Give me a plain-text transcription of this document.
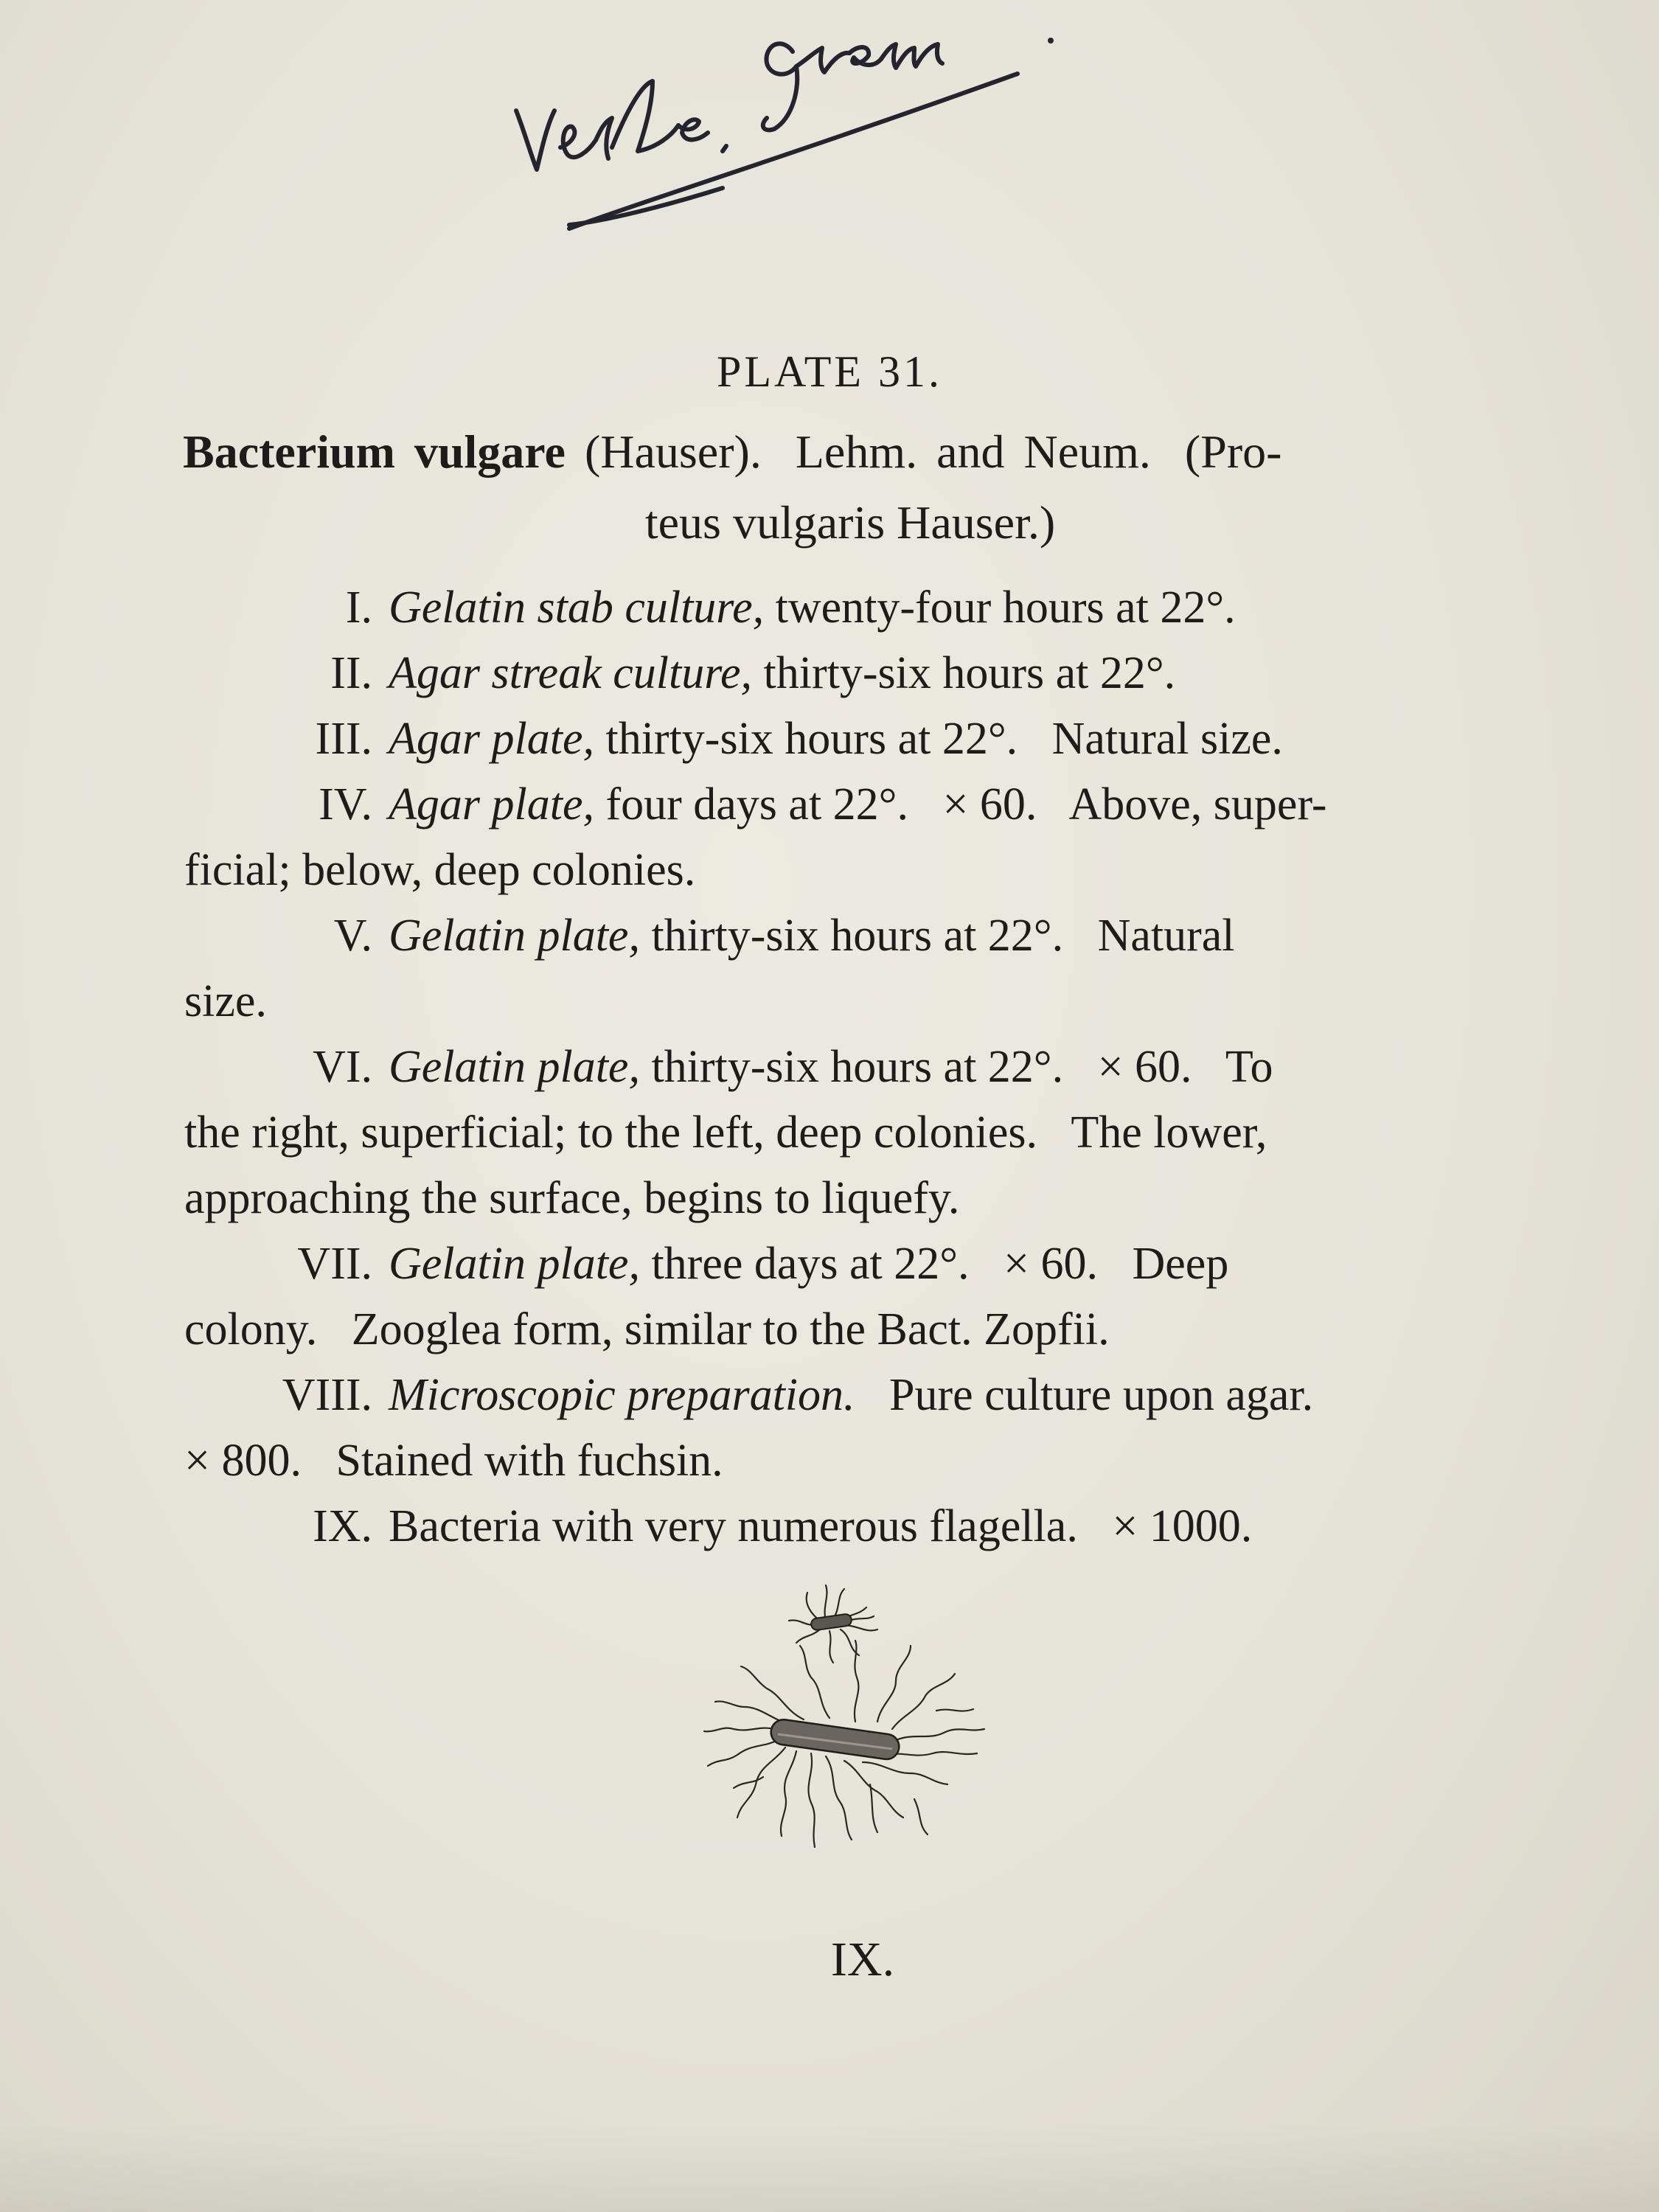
PLATE 31.
Bacterium vulgare (Hauser). Lehm. and Neum. (Pro-
teus vulgaris Hauser.)
I. Gelatin stab culture, twenty-four hours at 22°.
II. Agar streak culture, thirty-six hours at 22°.
III. Agar plate, thirty-six hours at 22°.   Natural size.
IV. Agar plate, four days at 22°.   × 60.   Above, super-
ficial; below, deep colonies.
V. Gelatin plate, thirty-six hours at 22°.   Natural
size.
VI. Gelatin plate, thirty-six hours at 22°.   × 60.   To
the right, superficial; to the left, deep colonies.   The lower,
approaching the surface, begins to liquefy.
VII. Gelatin plate, three days at 22°.   × 60.   Deep
colony.   Zooglea form, similar to the Bact. Zopfii.
VIII. Microscopic preparation.   Pure culture upon agar.
× 800.   Stained with fuchsin.
IX. Bacteria with very numerous flagella.   × 1000.
IX.
